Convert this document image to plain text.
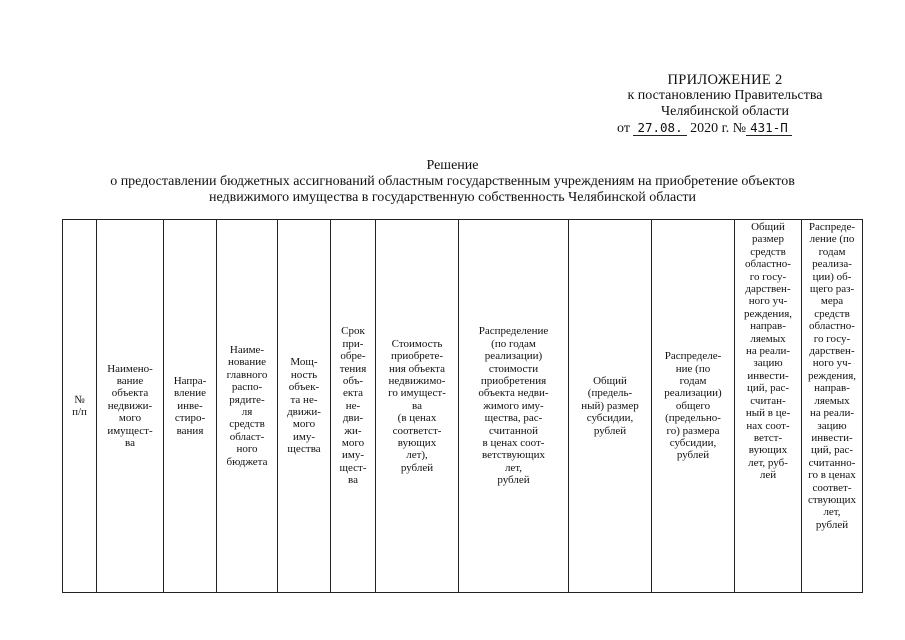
ПРИЛОЖЕНИЕ 2
к постановлению Правительства
Челябинской области
от 27.08. 2020 г. № 431-П
Решение
о предоставлении бюджетных ассигнований областным государственным учреждениям на приобретение объектов
недвижимого имущества в государственную собственность Челябинской области
№
п/п	Наимено-
вание
объекта
недвижи-
мого
имущест-
ва	Напра-
вление
инве-
стиро-
вания	Наиме-
нование
главного
распо-
рядите-
ля
средств
област-
ного
бюджета	Мощ-
ность
объек-
та не-
движи-
мого
иму-
щества	Срок
при-
обре-
тения
объ-
екта
не-
дви-
жи-
мого
иму-
щест-
ва	Стоимость
приобрете-
ния объекта
недвижимо-
го имущест-
ва
(в ценах
соответст-
вующих
лет),
рублей	Распределение
(по годам
реализации)
стоимости
приобретения
объекта недви-
жимого иму-
щества, рас-
считанной
в ценах соот-
ветствующих
лет,
рублей	Общий
(предель-
ный) размер
субсидии,
рублей	Распределе-
ние (по
годам
реализации)
общего
(предельно-
го) размера
субсидии,
рублей	Общий
размер
средств
областно-
го госу-
дарствен-
ного уч-
реждения,
направ-
ляемых
на реали-
зацию
инвести-
ций, рас-
считан-
ный в це-
нах соот-
ветст-
вующих
лет, руб-
лей	Распреде-
ление (по
годам
реализа-
ции) об-
щего раз-
мера
средств
областно-
го госу-
дарствен-
ного уч-
реждения,
направ-
ляемых
на реали-
зацию
инвести-
ций, рас-
считанно-
го в ценах
соответ-
ствующих
лет,
рублей
